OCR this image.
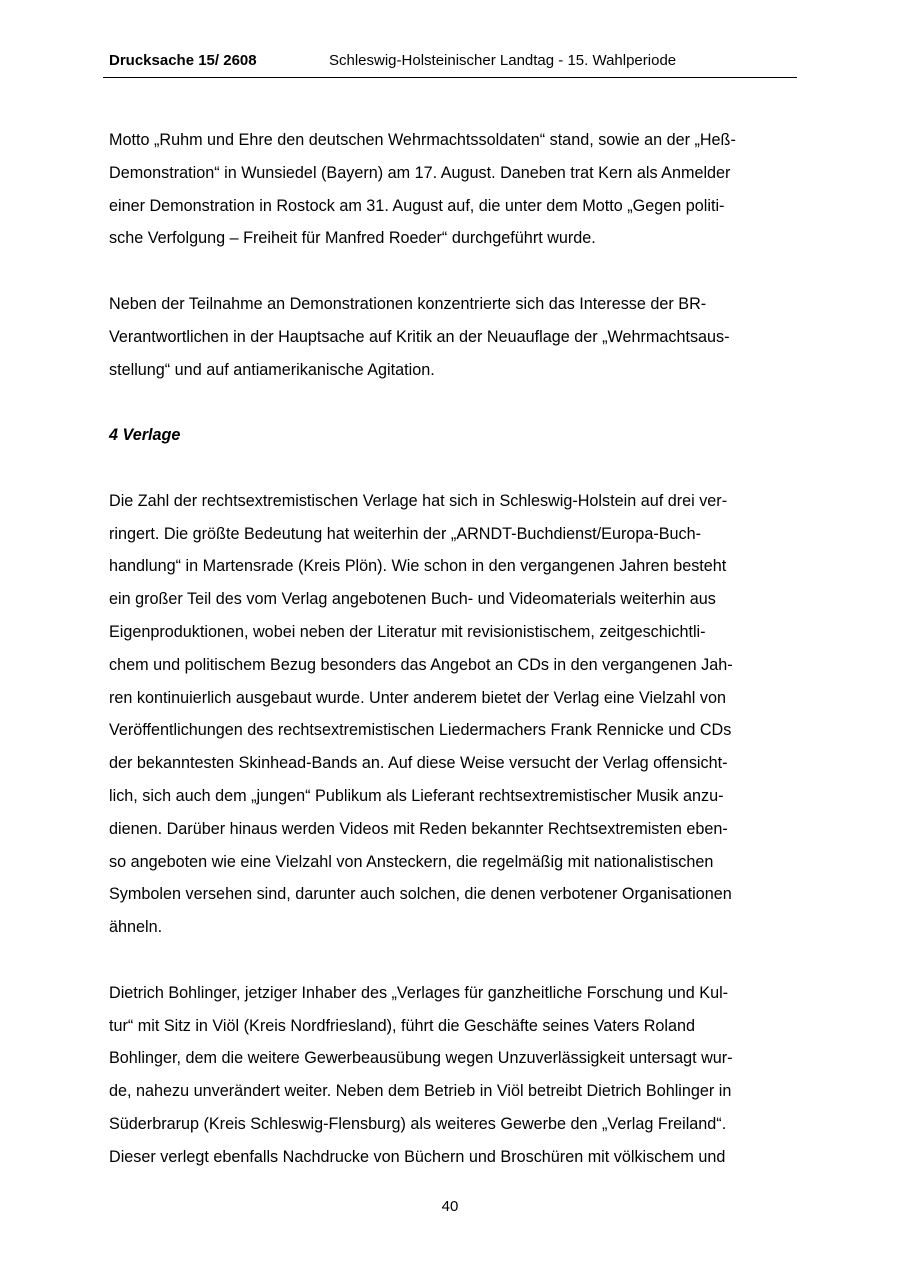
Drucksache 15/ 2608	Schleswig-Holsteinischer Landtag - 15. Wahlperiode
Motto „Ruhm und Ehre den deutschen Wehrmachtssoldaten“ stand, sowie an der „Heß-
Demonstration“ in Wunsiedel (Bayern) am 17. August. Daneben trat Kern als Anmelder
einer Demonstration in Rostock am 31. August auf, die unter dem Motto „Gegen politi-
sche Verfolgung – Freiheit für Manfred Roeder“ durchgeführt wurde.
Neben der Teilnahme an Demonstrationen konzentrierte sich das Interesse der BR-
Verantwortlichen in der Hauptsache auf Kritik an der Neuauflage der „Wehrmachtsaus-
stellung“ und auf antiamerikanische Agitation.
4 Verlage
Die Zahl der rechtsextremistischen Verlage hat sich in Schleswig-Holstein auf drei ver-
ringert. Die größte Bedeutung hat weiterhin der „ARNDT-Buchdienst/Europa-Buch-
handlung“ in Martensrade (Kreis Plön). Wie schon in den vergangenen Jahren besteht
ein großer Teil des vom Verlag angebotenen Buch- und Videomaterials weiterhin aus
Eigenproduktionen, wobei neben der Literatur mit revisionistischem, zeitgeschichtli-
chem und politischem Bezug besonders das Angebot an CDs in den vergangenen Jah-
ren kontinuierlich ausgebaut wurde. Unter anderem bietet der Verlag eine Vielzahl von
Veröffentlichungen des rechtsextremistischen Liedermachers Frank Rennicke und CDs
der bekanntesten Skinhead-Bands an. Auf diese Weise versucht der Verlag offensicht-
lich, sich auch dem „jungen“ Publikum als Lieferant rechtsextremistischer Musik anzu-
dienen. Darüber hinaus werden Videos mit Reden bekannter Rechtsextremisten eben-
so angeboten wie eine Vielzahl von Ansteckern, die regelmäßig mit nationalistischen
Symbolen versehen sind, darunter auch solchen, die denen verbotener Organisationen
ähneln.
Dietrich Bohlinger, jetziger Inhaber des „Verlages für ganzheitliche Forschung und Kul-
tur“ mit Sitz in Viöl (Kreis Nordfriesland), führt die Geschäfte seines Vaters Roland
Bohlinger, dem die weitere Gewerbeausübung wegen Unzuverlässigkeit untersagt wur-
de, nahezu unverändert weiter. Neben dem Betrieb in Viöl betreibt Dietrich Bohlinger in
Süderbrarup (Kreis Schleswig-Flensburg) als weiteres Gewerbe den „Verlag Freiland“.
Dieser verlegt ebenfalls Nachdrucke von Büchern und Broschüren mit völkischem und
40
